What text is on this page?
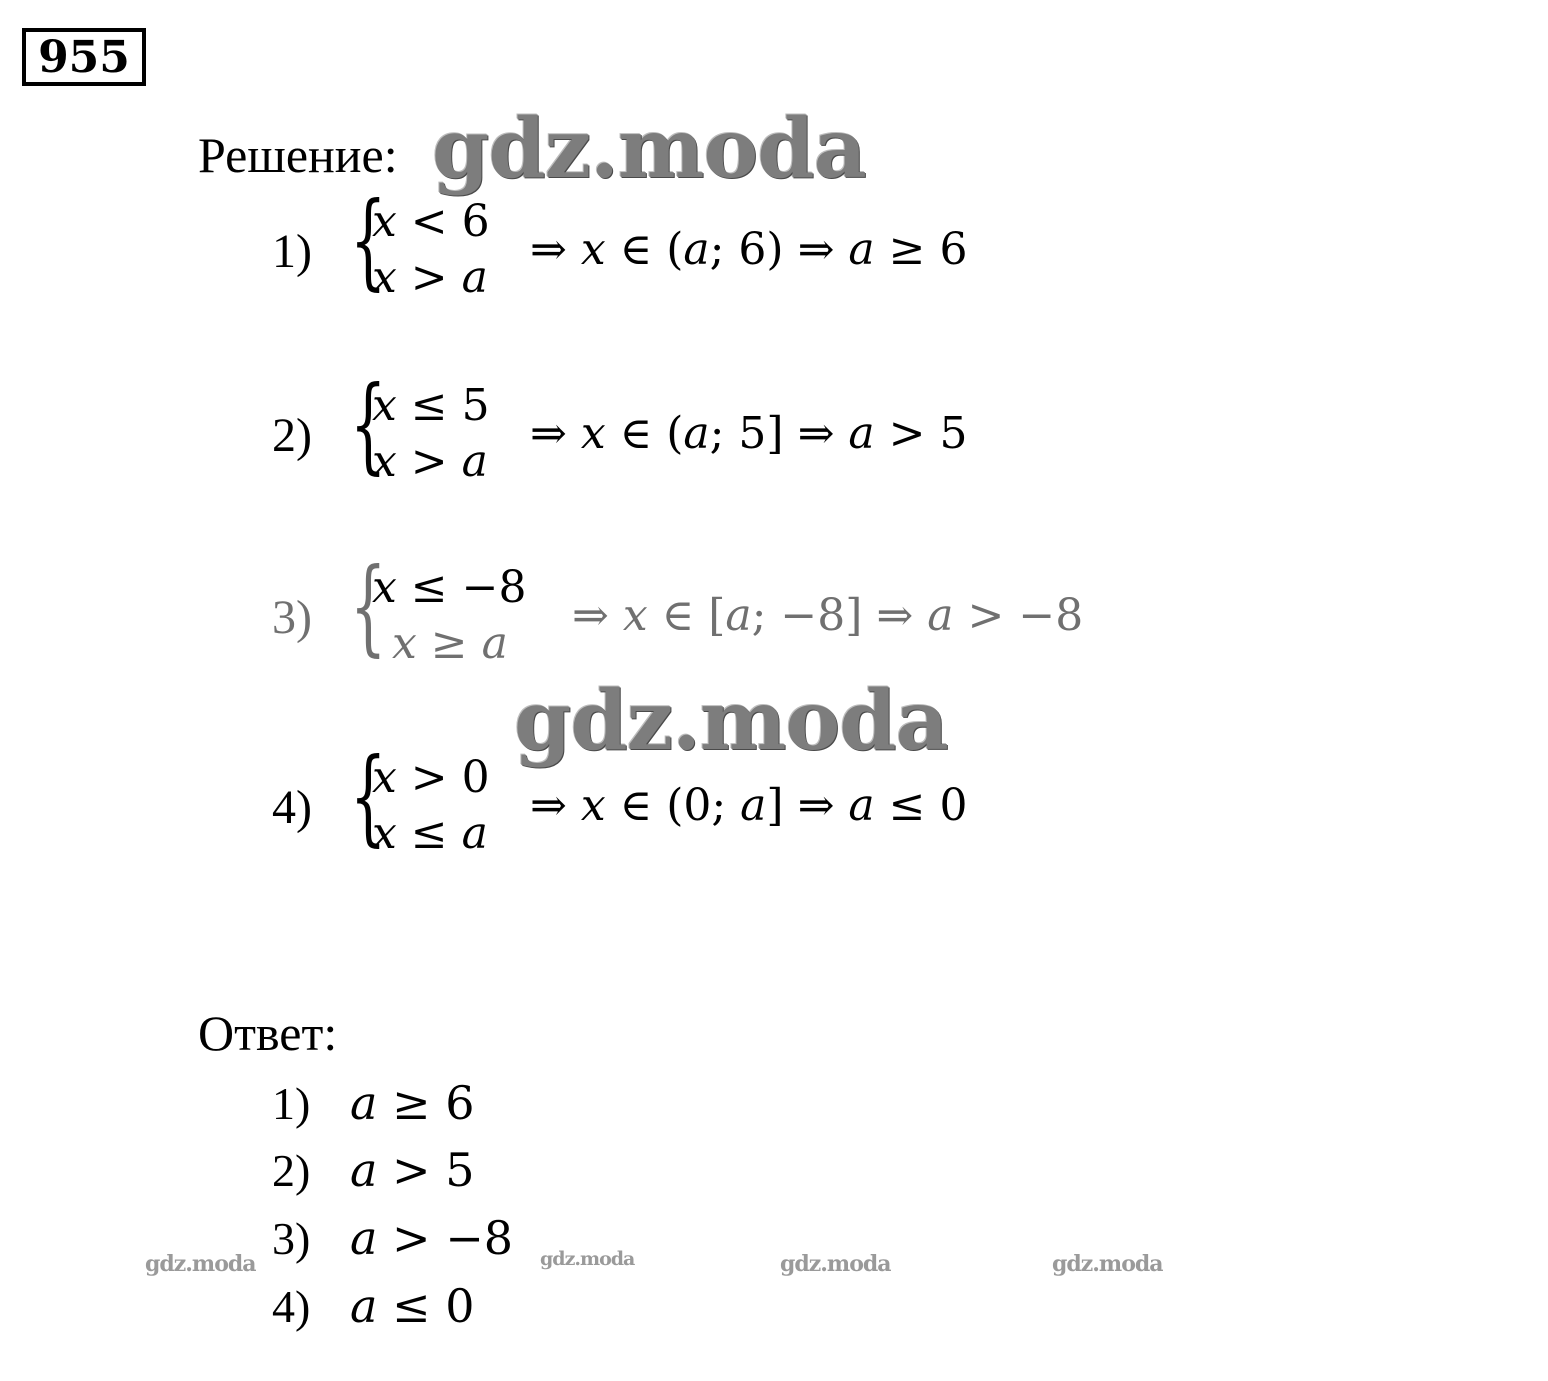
955
Решение: gdz.moda
1) {
𝑥 < 6
𝑥 > 𝑎
⇒ 𝑥 ∈ (𝑎; 6) ⇒ 𝑎 ≥ 6
2) {
𝑥 ≤ 5
𝑥 > 𝑎
⇒ 𝑥 ∈ (𝑎; 5] ⇒ 𝑎 > 5
3) {
𝑥 ≤ −8
𝑥 ≥ 𝑎
⇒ 𝑥 ∈ [𝑎; −8] ⇒ 𝑎 > −8
gdz.moda
4) {
𝑥 > 0
𝑥 ≤ 𝑎
⇒ 𝑥 ∈ (0; 𝑎] ⇒ 𝑎 ≤ 0
Ответ:
1) 𝑎 ≥ 6
2) 𝑎 > 5
3) 𝑎 > −8
4) 𝑎 ≤ 0
gdz.moda	gdz.moda	gdz.moda	gdz.moda
